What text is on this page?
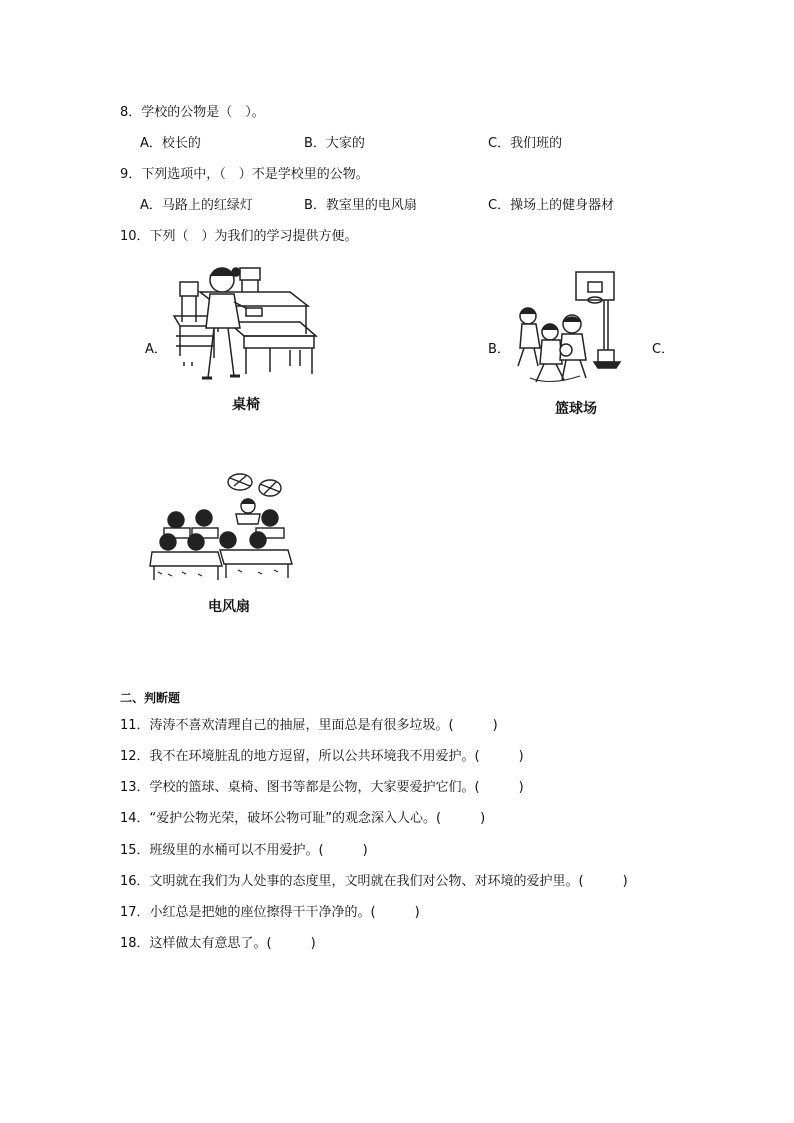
8．学校的公物是（　）。
A．校长的	B．大家的	C．我们班的
9．下列选项中，（　）不是学校里的公物。
A．马路上的红绿灯	B．教室里的电风扇	C．操场上的健身器材
10．下列（　）为我们的学习提供方便。
A．
桌椅
B．
篮球场
C．
电风扇
二、判断题
11．涛涛不喜欢清理自己的抽屉，里面总是有很多垃圾。(　　　)
12．我不在环境脏乱的地方逗留，所以公共环境我不用爱护。(　　　)
13．学校的篮球、桌椅、图书等都是公物，大家要爱护它们。(　　　)
14．“爱护公物光荣，破坏公物可耻”的观念深入人心。(　　　)
15．班级里的水桶可以不用爱护。(　　　)
16．文明就在我们为人处事的态度里，文明就在我们对公物、对环境的爱护里。(　　　)
17．小红总是把她的座位擦得干干净净的。(　　　)
18．这样做太有意思了。(　　　)
